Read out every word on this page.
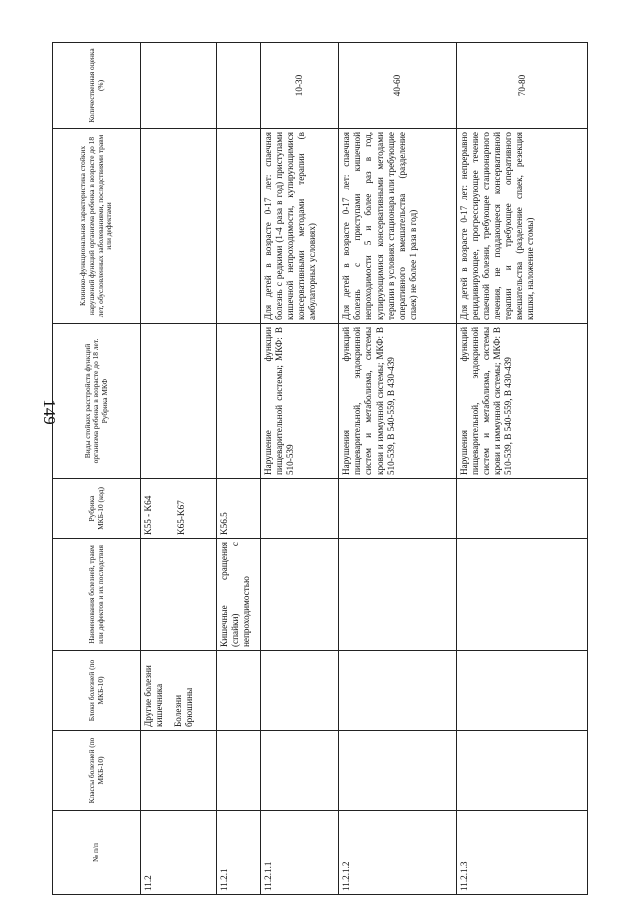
149
№ п/п	Классы болезней (по МКБ-10)	Блоки болезней (по МКБ-10)	Наименования болезней, травм или дефектов и их последствия	Рубрика МКБ-10 (код)	Виды стойких расстройств функций организма ребенка в возрасте до 18 лет. Рубрика МКФ	Клинико-функциональная характеристика стойких нарушений функций организма ребенка в возрасте до 18 лет, обусловленных заболеваниями, последствиями травм или дефектами	Количественная оценка (%)
11.2		Другие болезни кишечника Болезни брюшины		K55 - K64 K65-K67			

11.2.1			Кишечные сращения (спайки) с непроходимостью	K56.5			
11.2.1.1					Нарушение функции пищеварительной системы; МКФ: В 510-539	Для детей в возрасте 0-17 лет: спаечная болезнь с редкими (1-4 раза в год) приступами кишечной непроходимости, купирующимися консервативными методами терапии (в амбулаторных условиях)	10-30
11.2.1.2					Нарушения функций пищеварительной, эндокринной систем и метаболизма, системы крови и иммунной системы; МКФ: В 510-539, В 540-559, В 430-439	Для детей в возрасте 0-17 лет: спаечная болезнь с приступами кишечной непроходимости 5 и более раз в год, купирующимися консервативными методами терапии в условиях стационара или требующие оперативного вмешательства (разделение спаек) не более 1 раза в год)	40-60
11.2.1.3					Нарушения функций пищеварительной, эндокринной систем и метаболизма, системы крови и иммунной системы; МКФ: В 510-539, В 540-559, В 430-439	Для детей в возрасте 0-17 лет: непрерывно рецидивирующее, прогрессирующее течение спаечной болезни, требующее стационарного лечения, не поддающееся консервативной терапии и требующее оперативного вмешательства (разделение спаек, резекция кишки, наложение стомы)	70-80
